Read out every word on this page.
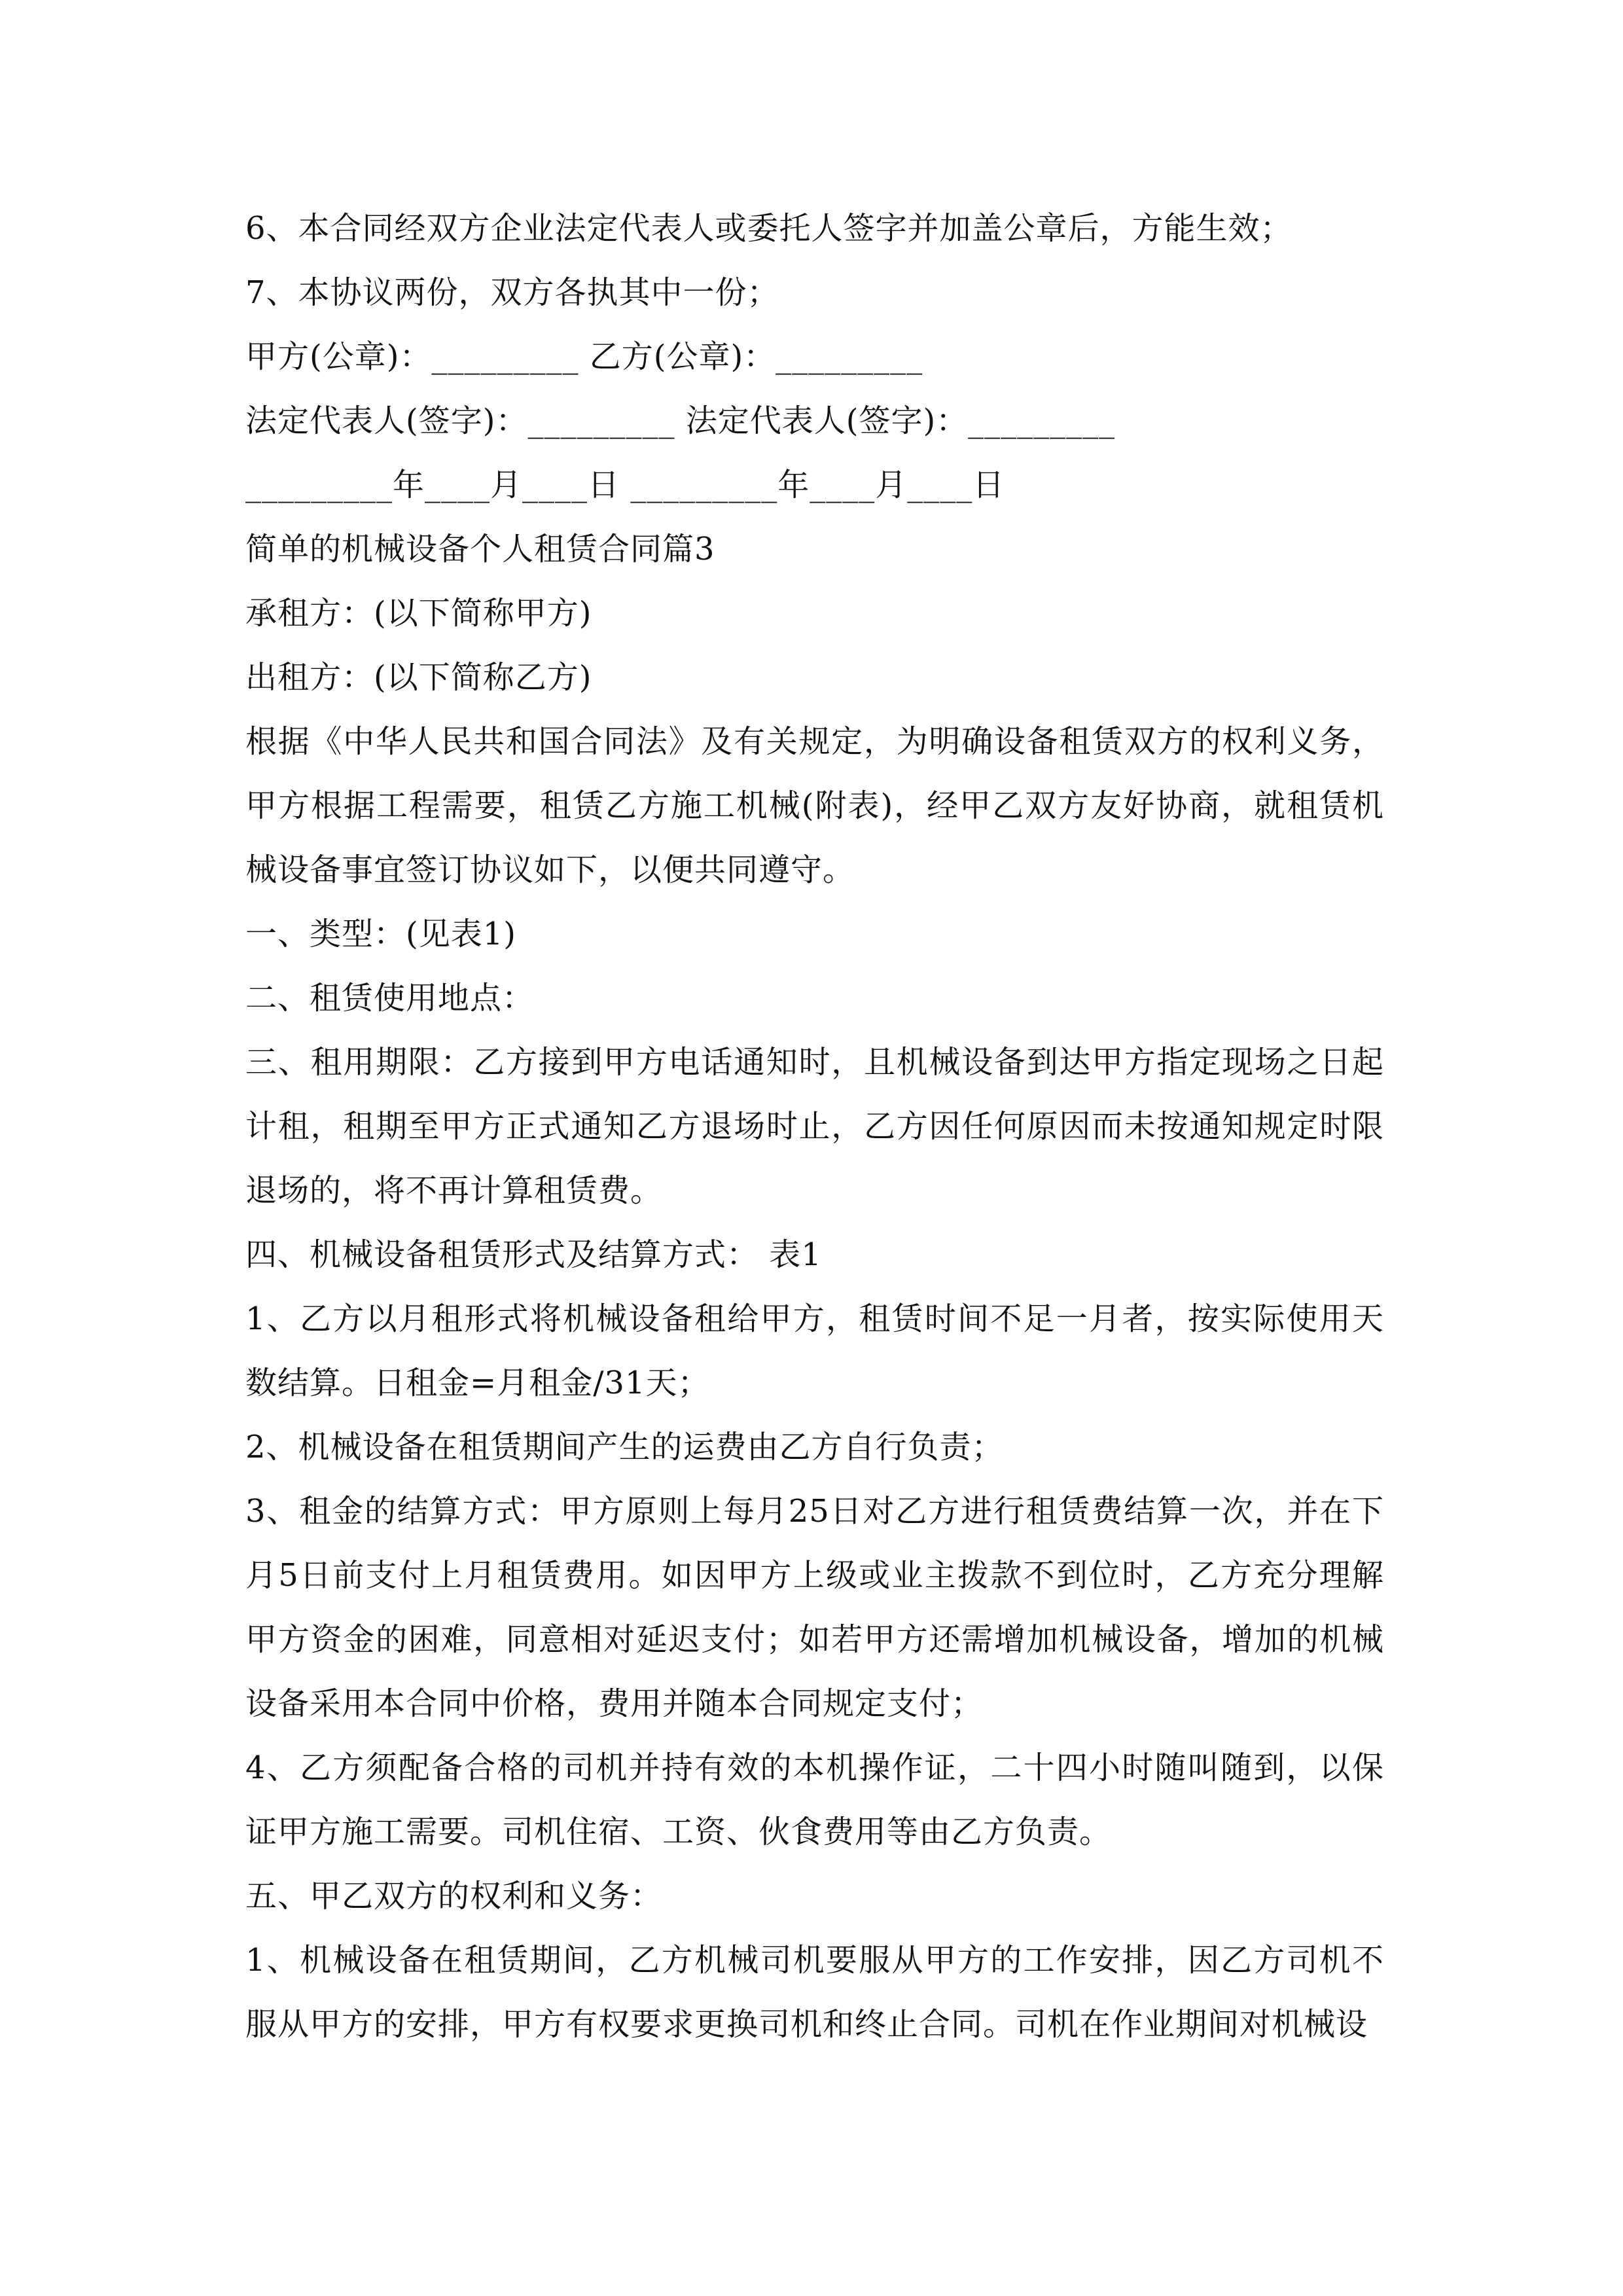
6、本合同经双方企业法定代表人或委托人签字并加盖公章后，方能生效；
7、本协议两份，双方各执其中一份；
甲方(公章)：_________ 乙方(公章)：_________
法定代表人(签字)：_________ 法定代表人(签字)：_________
_________年____月____日 _________年____月____日
简单的机械设备个人租赁合同篇3
承租方：(以下简称甲方)
出租方：(以下简称乙方)
根据《中华人民共和国合同法》及有关规定，为明确设备租赁双方的权利义务，甲方根据工程需要，租赁乙方施工机械(附表)，经甲乙双方友好协商，就租赁机械设备事宜签订协议如下，以便共同遵守。
一、类型：(见表1)
二、租赁使用地点：
三、租用期限：乙方接到甲方电话通知时，且机械设备到达甲方指定现场之日起计租，租期至甲方正式通知乙方退场时止，乙方因任何原因而未按通知规定时限退场的，将不再计算租赁费。
四、机械设备租赁形式及结算方式： 表1
1、乙方以月租形式将机械设备租给甲方，租赁时间不足一月者，按实际使用天数结算。日租金=月租金/31天；
2、机械设备在租赁期间产生的运费由乙方自行负责；
3、租金的结算方式：甲方原则上每月25日对乙方进行租赁费结算一次，并在下月5日前支付上月租赁费用。如因甲方上级或业主拨款不到位时，乙方充分理解甲方资金的困难，同意相对延迟支付；如若甲方还需增加机械设备，增加的机械设备采用本合同中价格，费用并随本合同规定支付；
4、乙方须配备合格的司机并持有效的本机操作证，二十四小时随叫随到，以保证甲方施工需要。司机住宿、工资、伙食费用等由乙方负责。
五、甲乙双方的权利和义务：
1、机械设备在租赁期间，乙方机械司机要服从甲方的工作安排，因乙方司机不服从甲方的安排，甲方有权要求更换司机和终止合同。司机在作业期间对机械设
